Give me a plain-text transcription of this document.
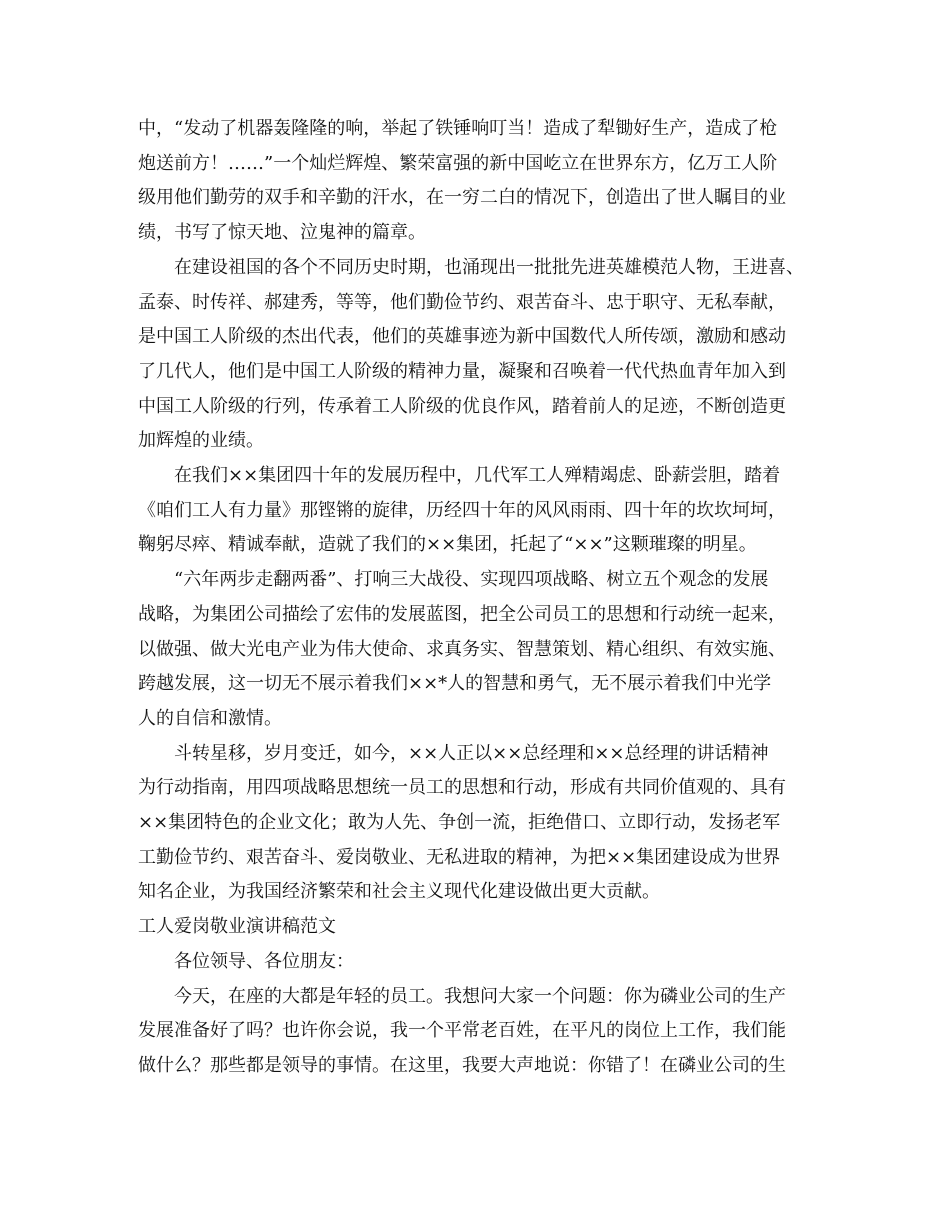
中，“发动了机器轰隆隆的响，举起了铁锤响叮当！造成了犁锄好生产，造成了枪
炮送前方！……”一个灿烂辉煌、繁荣富强的新中国屹立在世界东方，亿万工人阶
级用他们勤劳的双手和辛勤的汗水，在一穷二白的情况下，创造出了世人瞩目的业
绩，书写了惊天地、泣鬼神的篇章。

在建设祖国的各个不同历史时期，也涌现出一批批先进英雄模范人物，王进喜、
孟泰、时传祥、郝建秀，等等，他们勤俭节约、艰苦奋斗、忠于职守、无私奉献，
是中国工人阶级的杰出代表，他们的英雄事迹为新中国数代人所传颂，激励和感动
了几代人，他们是中国工人阶级的精神力量，凝聚和召唤着一代代热血青年加入到
中国工人阶级的行列，传承着工人阶级的优良作风，踏着前人的足迹，不断创造更
加辉煌的业绩。

在我们××集团四十年的发展历程中，几代军工人殚精竭虑、卧薪尝胆，踏着
《咱们工人有力量》那铿锵的旋律，历经四十年的风风雨雨、四十年的坎坎坷坷，
鞠躬尽瘁、精诚奉献，造就了我们的××集团，托起了“××”这颗璀璨的明星。

“六年两步走翻两番”、打响三大战役、实现四项战略、树立五个观念的发展
战略，为集团公司描绘了宏伟的发展蓝图，把全公司员工的思想和行动统一起来，
以做强、做大光电产业为伟大使命、求真务实、智慧策划、精心组织、有效实施、
跨越发展，这一切无不展示着我们××*人的智慧和勇气，无不展示着我们中光学
人的自信和激情。

斗转星移，岁月变迁，如今，××人正以××总经理和××总经理的讲话精神
为行动指南，用四项战略思想统一员工的思想和行动，形成有共同价值观的、具有
××集团特色的企业文化；敢为人先、争创一流，拒绝借口、立即行动，发扬老军
工勤俭节约、艰苦奋斗、爱岗敬业、无私进取的精神，为把××集团建设成为世界
知名企业，为我国经济繁荣和社会主义现代化建设做出更大贡献。

工人爱岗敬业演讲稿范文

各位领导、各位朋友：

今天，在座的大都是年轻的员工。我想问大家一个问题：你为磷业公司的生产
发展准备好了吗？也许你会说，我一个平常老百姓，在平凡的岗位上工作，我们能
做什么？那些都是领导的事情。在这里，我要大声地说：你错了！在磷业公司的生
